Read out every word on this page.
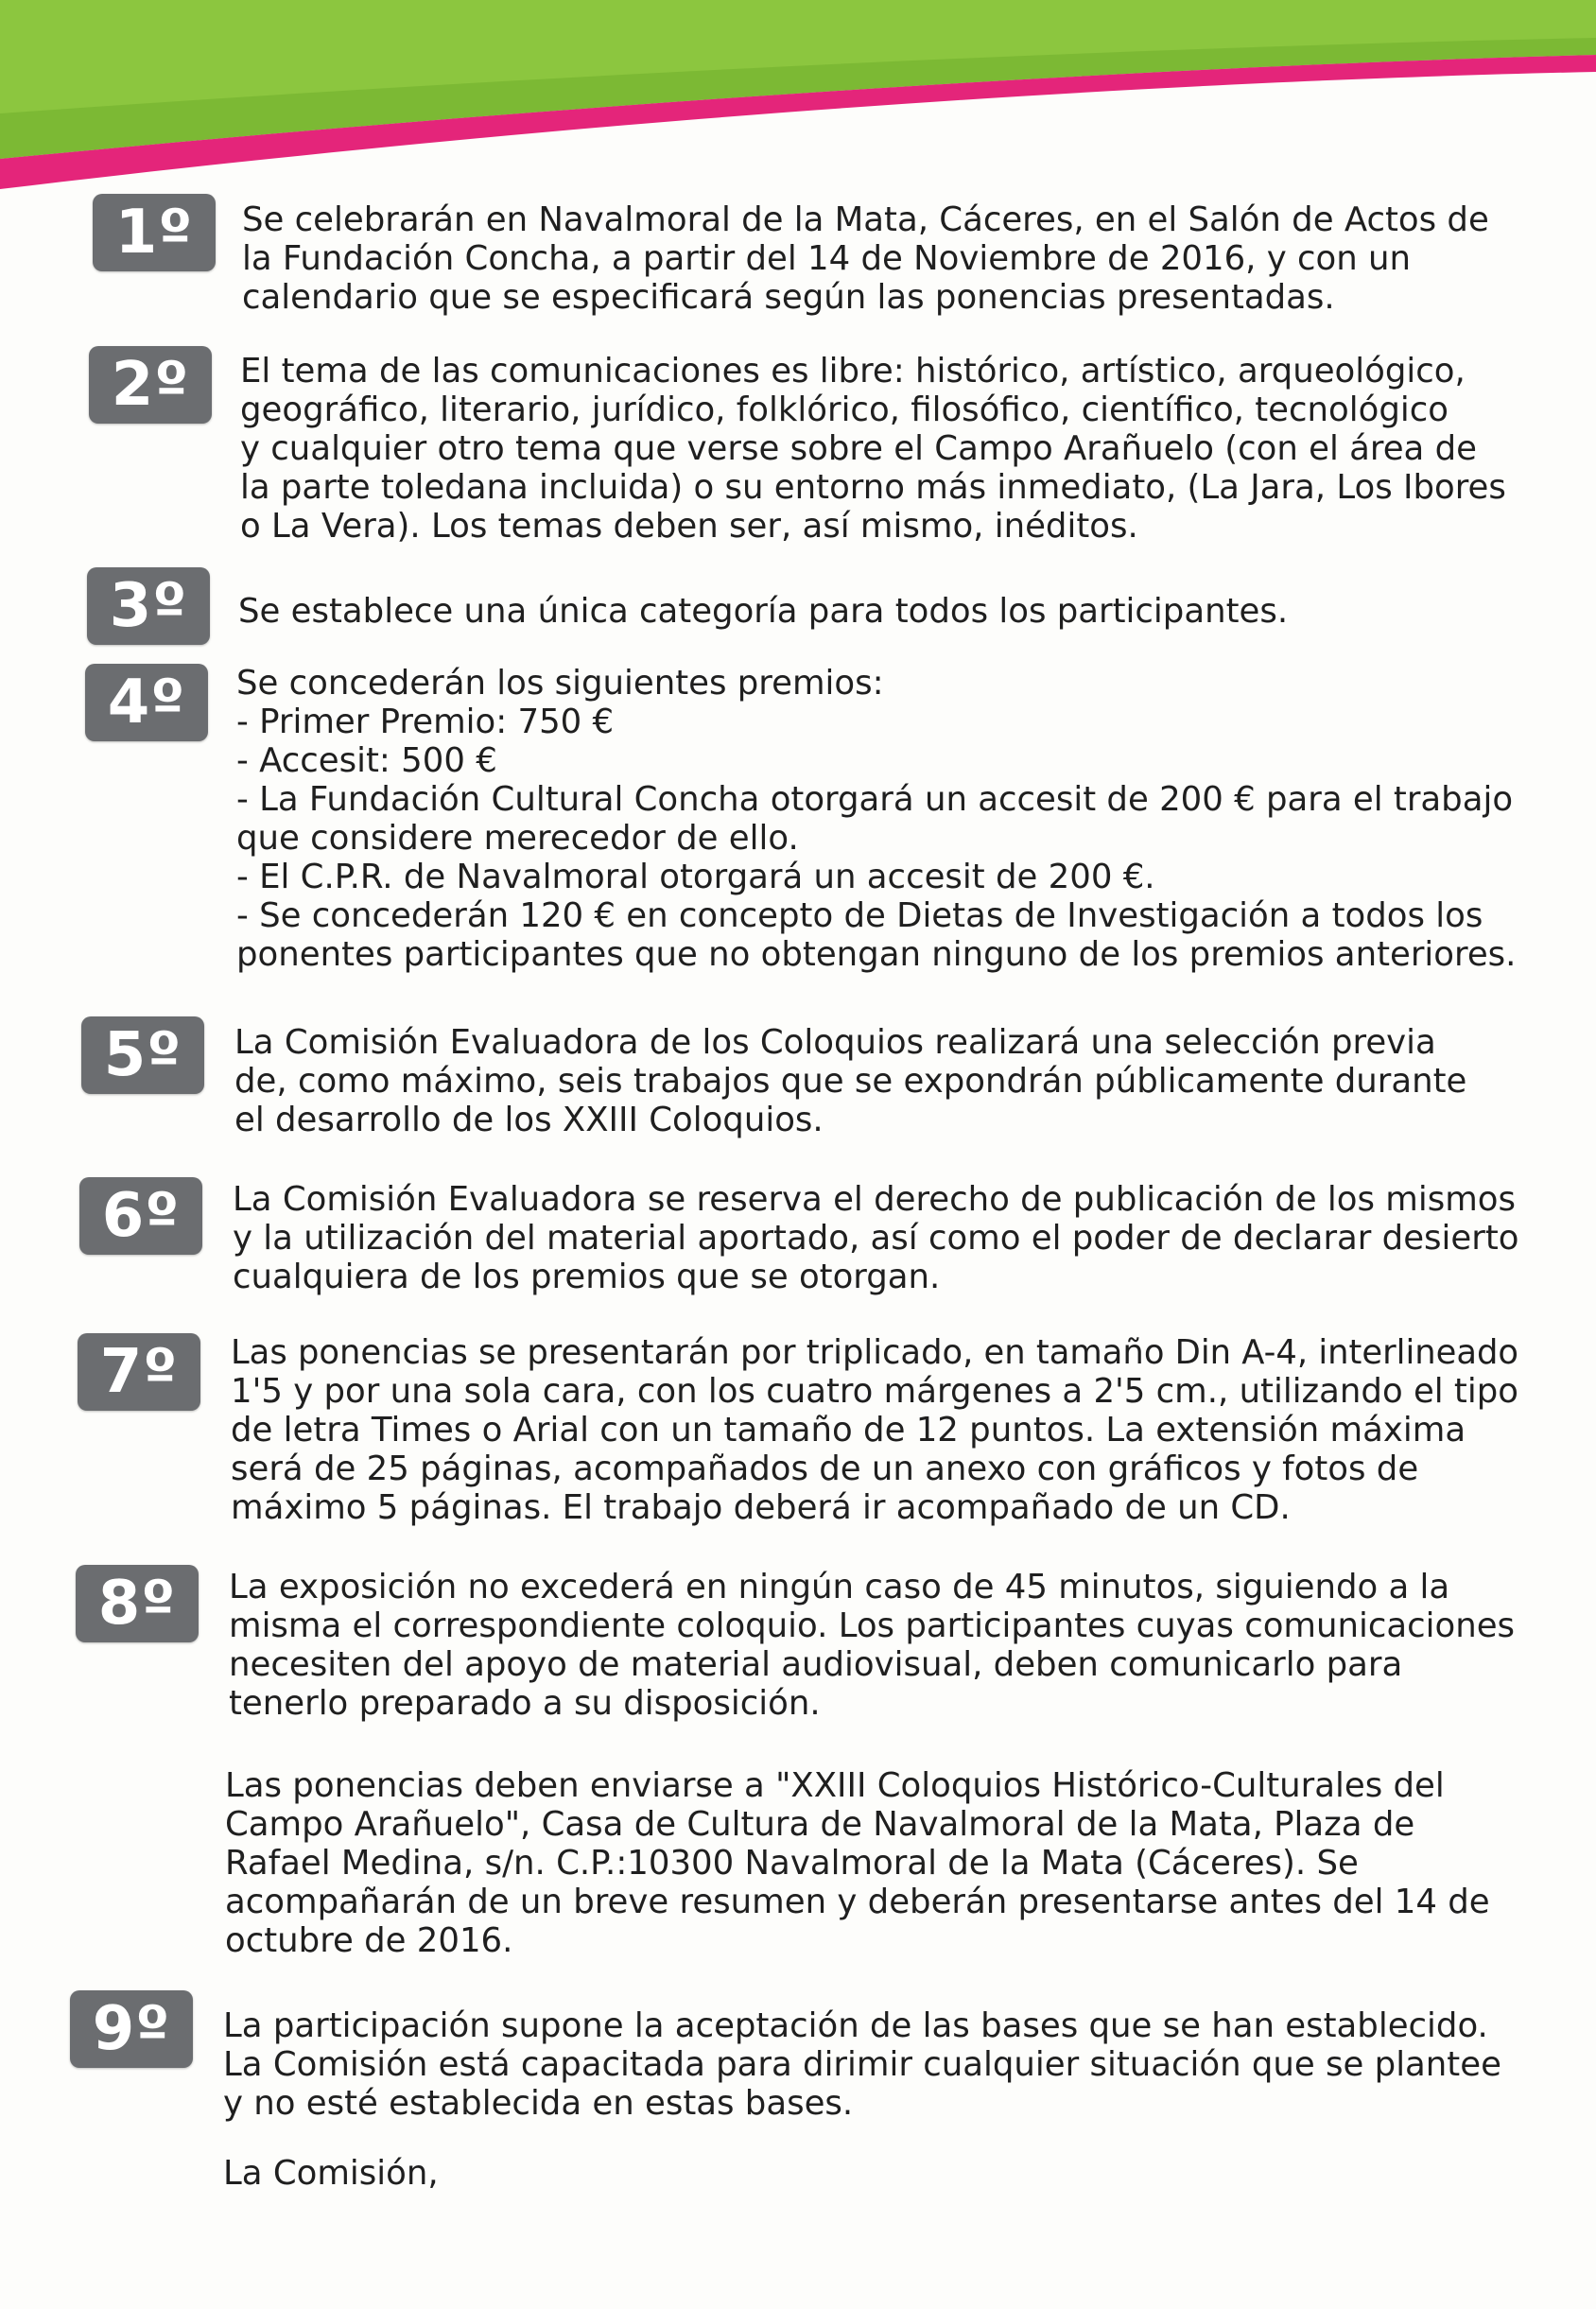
1º	Se celebrarán en Navalmoral de la Mata, Cáceres, en el Salón de Actos de
la Fundación Concha, a partir del 14 de Noviembre de 2016, y con un
calendario que se especificará según las ponencias presentadas.
2º	El tema de las comunicaciones es libre: histórico, artístico, arqueológico,
geográfico, literario, jurídico, folklórico, filosófico, científico, tecnológico
y cualquier otro tema que verse sobre el Campo Arañuelo (con el área de
la parte toledana incluida) o su entorno más inmediato, (La Jara, Los Ibores
o La Vera). Los temas deben ser, así mismo, inéditos.
3º	Se establece una única categoría para todos los participantes.
4º	Se concederán los siguientes premios:
- Primer Premio: 750 €
- Accesit: 500 €
- La Fundación Cultural Concha otorgará un accesit de 200 € para el trabajo
que considere merecedor de ello.
- El C.P.R. de Navalmoral otorgará un accesit de 200 €.
- Se concederán 120 € en concepto de Dietas de Investigación a todos los
ponentes participantes que no obtengan ninguno de los premios anteriores.
5º	La Comisión Evaluadora de los Coloquios realizará una selección previa
de, como máximo, seis trabajos que se expondrán públicamente durante
el desarrollo de los XXIII Coloquios.
6º	La Comisión Evaluadora se reserva el derecho de publicación de los mismos
y la utilización del material aportado, así como el poder de declarar desierto
cualquiera de los premios que se otorgan.
7º	Las ponencias se presentarán por triplicado, en tamaño Din A-4, interlineado
1'5 y por una sola cara, con los cuatro márgenes a 2'5 cm., utilizando el tipo
de letra Times o Arial con un tamaño de 12 puntos. La extensión máxima
será de 25 páginas, acompañados de un anexo con gráficos y fotos de
máximo 5 páginas. El trabajo deberá ir acompañado de un CD.
8º	La exposición no excederá en ningún caso de 45 minutos, siguiendo a la
misma el correspondiente coloquio. Los participantes cuyas comunicaciones
necesiten del apoyo de material audiovisual, deben comunicarlo para
tenerlo preparado a su disposición.
Las ponencias deben enviarse a "XXIII Coloquios Histórico-Culturales del
Campo Arañuelo", Casa de Cultura de Navalmoral de la Mata, Plaza de
Rafael Medina, s/n. C.P.:10300 Navalmoral de la Mata (Cáceres). Se
acompañarán de un breve resumen y deberán presentarse antes del 14 de
octubre de 2016.
9º	La participación supone la aceptación de las bases que se han establecido.
La Comisión está capacitada para dirimir cualquier situación que se plantee
y no esté establecida en estas bases.
La Comisión,
